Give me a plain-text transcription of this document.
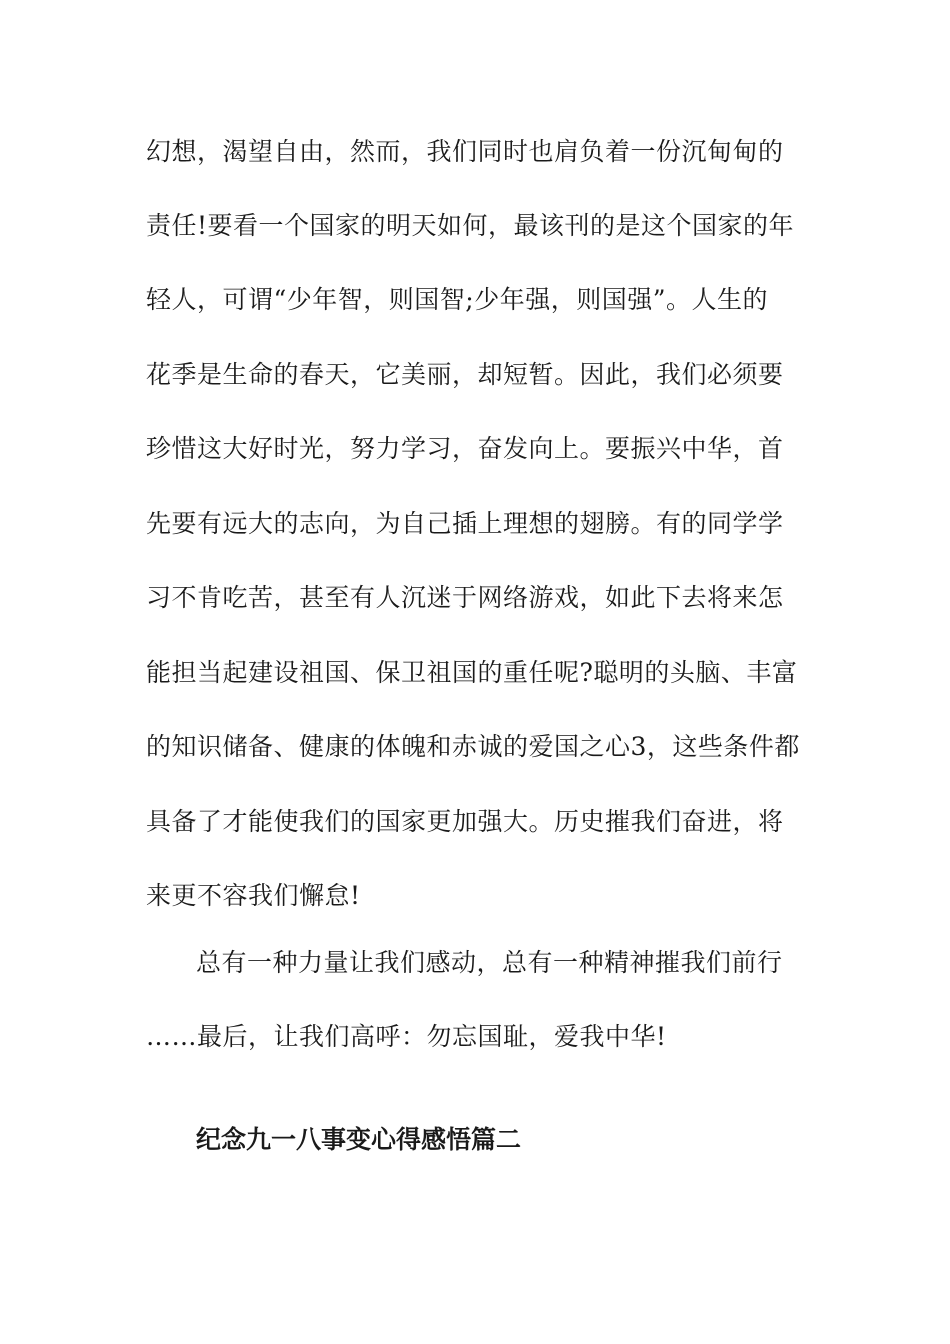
幻想，渴望自由，然而，我们同时也肩负着一份沉甸甸的
责任!要看一个国家的明天如何，最该刊的是这个国家的年
轻人，可谓“少年智，则国智;少年强，则国强”。人生的
花季是生命的春天，它美丽，却短暂。因此，我们必须要
珍惜这大好时光，努力学习，奋发向上。要振兴中华，首
先要有远大的志向，为自己插上理想的翅膀。有的同学学
习不肯吃苦，甚至有人沉迷于网络游戏，如此下去将来怎
能担当起建设祖国、保卫祖国的重任呢?聪明的头脑、丰富
的知识储备、健康的体魄和赤诚的爱国之心3，这些条件都
具备了才能使我们的国家更加强大。历史摧我们奋进，将
来更不容我们懈怠!
总有一种力量让我们感动，总有一种精神摧我们前行
……最后，让我们高呼：勿忘国耻，爱我中华!
纪念九一八事变心得感悟篇二
